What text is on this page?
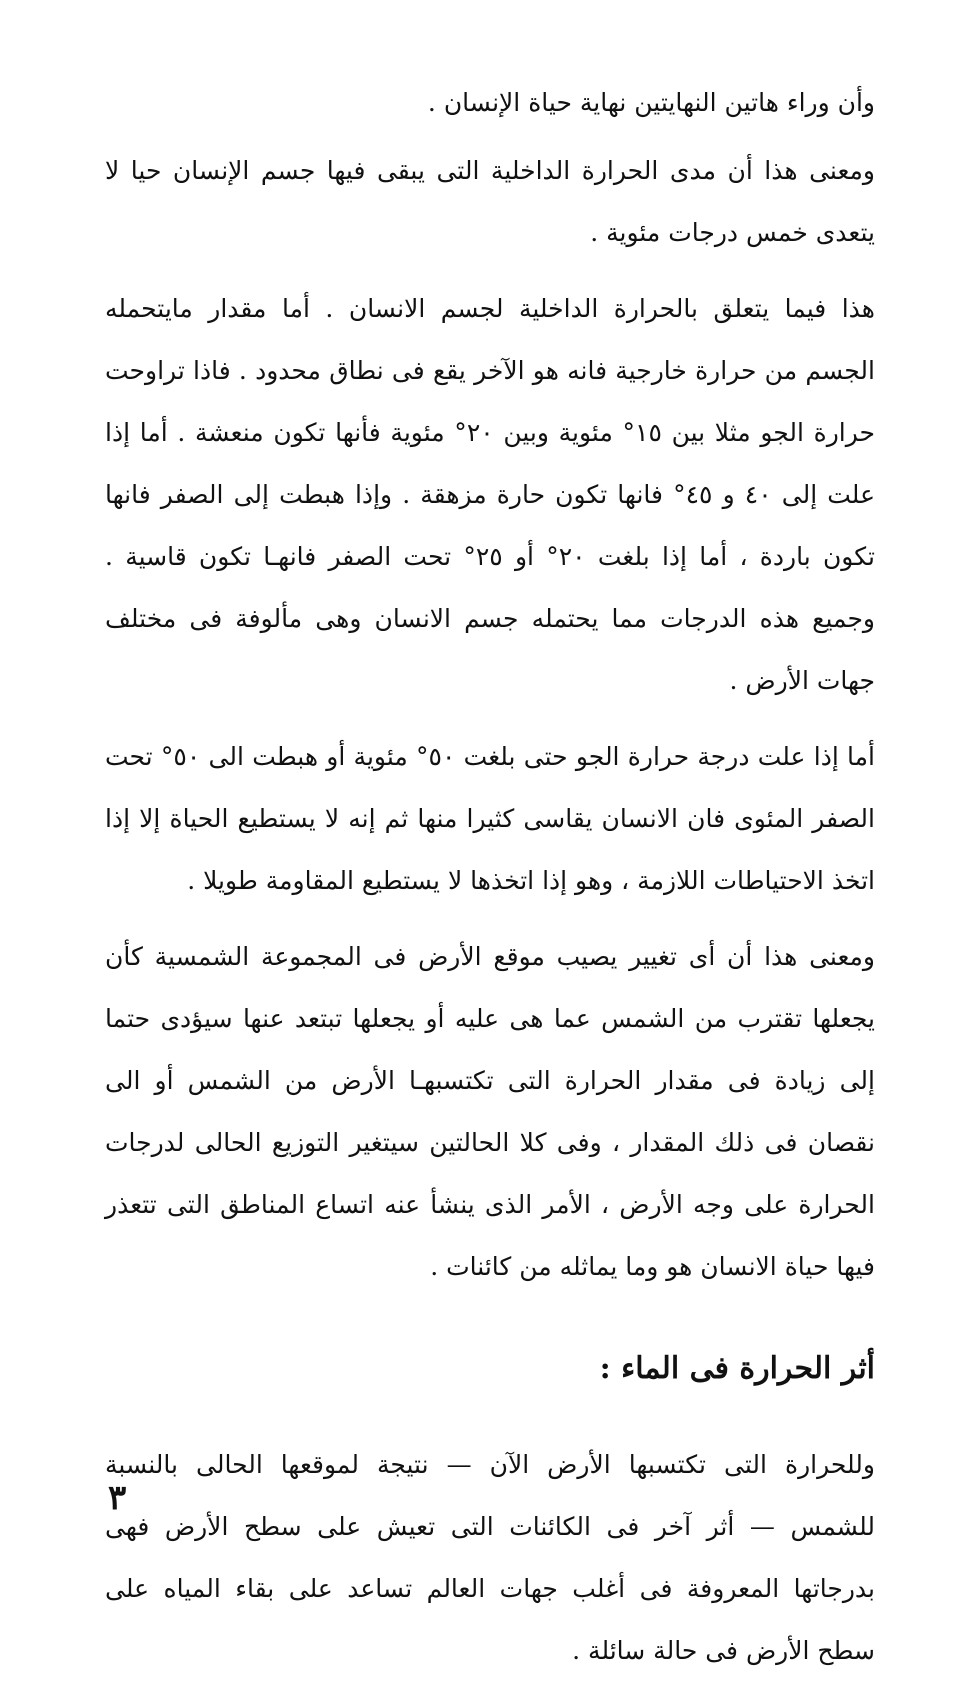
وأن وراء هاتين النهايتين نهاية حياة الإنسان .

ومعنى هذا أن مدى الحرارة الداخلية التى يبقى فيها جسم الإنسان حيا لا يتعدى خمس درجات مئوية .

هذا فيما يتعلق بالحرارة الداخلية لجسم الانسان . أما مقدار مايتحمله الجسم من حرارة خارجية فانه هو الآخر يقع فى نطاق محدود . فاذا تراوحت حرارة الجو مثلا بين ١٥° مئوية وبين ٢٠° مئوية فأنها تكون منعشة . أما إذا علت إلى ٤٠ و ٤٥° فانها تكون حارة مزهقة . وإذا هبطت إلى الصفر فانها تكون باردة ، أما إذا بلغت ٢٠° أو ٢٥° تحت الصفر فانهـا تكون قاسية . وجميع هذه الدرجات مما يحتمله جسم الانسان وهى مألوفة فى مختلف جهات الأرض .

أما إذا علت درجة حرارة الجو حتى بلغت ٥٠° مئوية أو هبطت الى ٥٠° تحت الصفر المئوى فان الانسان يقاسى كثيرا منها ثم إنه لا يستطيع الحياة إلا إذا اتخذ الاحتياطات اللازمة ، وهو إذا اتخذها لا يستطيع المقاومة طويلا .

ومعنى هذا أن أى تغيير يصيب موقع الأرض فى المجموعة الشمسية كأن يجعلها تقترب من الشمس عما هى عليه أو يجعلها تبتعد عنها سيؤدى حتما إلى زيادة فى مقدار الحرارة التى تكتسبهـا الأرض من الشمس أو الى نقصان فى ذلك المقدار ، وفى كلا الحالتين سيتغير التوزيع الحالى لدرجات الحرارة على وجه الأرض ، الأمر الذى ينشأ عنه اتساع المناطق التى تتعذر فيها حياة الانسان هو وما يماثله من كائنات .

أثر الحرارة فى الماء :

وللحرارة التى تكتسبها الأرض الآن — نتيجة لموقعها الحالى بالنسبة للشمس — أثر آخر فى الكائنات التى تعيش على سطح الأرض فهى بدرجاتها المعروفة فى أغلب جهات العالم تساعد على بقاء المياه على سطح الأرض فى حالة سائلة .

٣
